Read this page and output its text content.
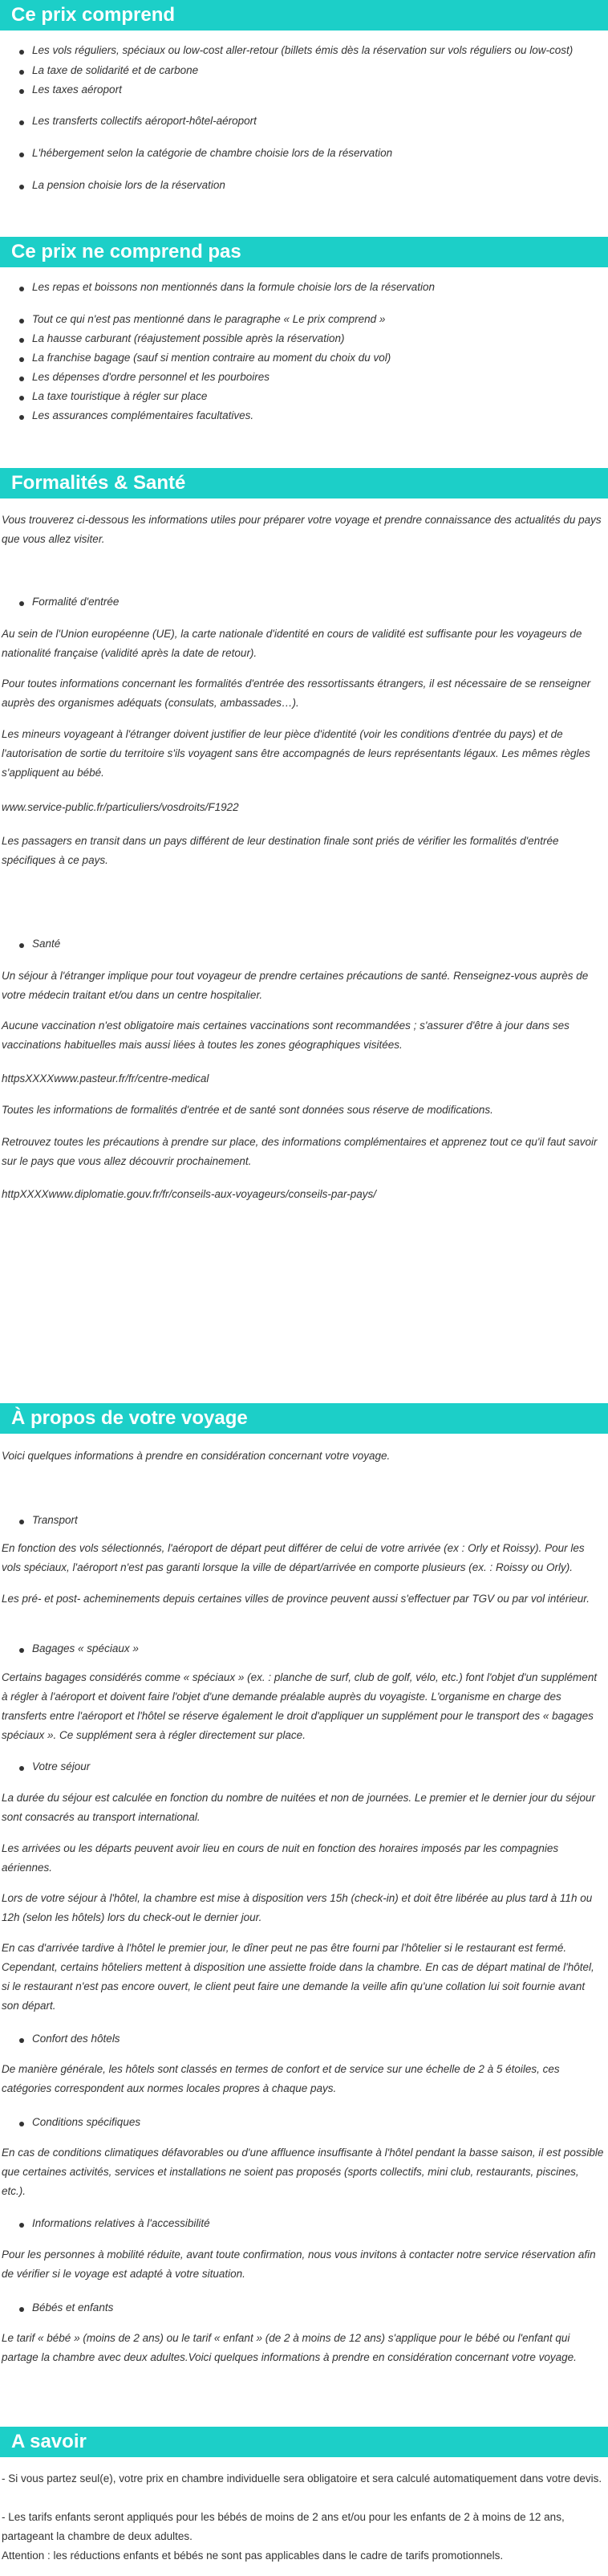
Ce prix comprend
Les vols réguliers, spéciaux ou low-cost aller-retour (billets émis dès la réservation sur vols réguliers ou low-cost)
La taxe de solidarité et de carbone
Les taxes aéroport
Les transferts collectifs aéroport-hôtel-aéroport
L'hébergement selon la catégorie de chambre choisie lors de la réservation
La pension choisie lors de la réservation
Ce prix ne comprend pas
Les repas et boissons non mentionnés dans la formule choisie lors de la réservation
Tout ce qui n'est pas mentionné dans le paragraphe « Le prix comprend »
La hausse carburant (réajustement possible après la réservation)
La franchise bagage (sauf si mention contraire au moment du choix du vol)
Les dépenses d'ordre personnel et les pourboires
La taxe touristique à régler sur place
Les assurances complémentaires facultatives.
Formalités & Santé

Vous trouverez ci-dessous les informations utiles pour préparer votre voyage et prendre connaissance des actualités du pays que vous allez visiter.

Formalité d'entrée

Au sein de l'Union européenne (UE), la carte nationale d'identité en cours de validité est suffisante pour les voyageurs de nationalité française (validité après la date de retour).

Pour toutes informations concernant les formalités d'entrée des ressortissants étrangers, il est nécessaire de se renseigner auprès des organismes adéquats (consulats, ambassades…).

Les mineurs voyageant à l'étranger doivent justifier de leur pièce d'identité (voir les conditions d'entrée du pays) et de l'autorisation de sortie du territoire s'ils voyagent sans être accompagnés de leurs représentants légaux. Les mêmes règles s'appliquent au bébé.

www.service-public.fr/particuliers/vosdroits/F1922

Les passagers en transit dans un pays différent de leur destination finale sont priés de vérifier les formalités d'entrée spécifiques à ce pays.

Santé

Un séjour à l'étranger implique pour tout voyageur de prendre certaines précautions de santé. Renseignez-vous auprès de votre médecin traitant et/ou dans un centre hospitalier.

Aucune vaccination n'est obligatoire mais certaines vaccinations sont recommandées ; s'assurer d'être à jour dans ses vaccinations habituelles mais aussi liées à toutes les zones géographiques visitées.

httpsXXXXwww.pasteur.fr/fr/centre-medical

Toutes les informations de formalités d'entrée et de santé sont données sous réserve de modifications.

Retrouvez toutes les précautions à prendre sur place, des informations complémentaires et apprenez tout ce qu'il faut savoir sur le pays que vous allez découvrir prochainement.

httpXXXXwww.diplomatie.gouv.fr/fr/conseils-aux-voyageurs/conseils-par-pays/
À propos de votre voyage

Voici quelques informations à prendre en considération concernant votre voyage.

Transport

En fonction des vols sélectionnés, l'aéroport de départ peut différer de celui de votre arrivée (ex : Orly et Roissy). Pour les vols spéciaux, l'aéroport n'est pas garanti lorsque la ville de départ/arrivée en comporte plusieurs (ex. : Roissy ou Orly).

Les pré- et post- acheminements depuis certaines villes de province peuvent aussi s'effectuer par TGV ou par vol intérieur.

Bagages « spéciaux »

Certains bagages considérés comme « spéciaux » (ex. : planche de surf, club de golf, vélo, etc.) font l'objet d'un supplément à régler à l'aéroport et doivent faire l'objet d'une demande préalable auprès du voyagiste. L'organisme en charge des transferts entre l'aéroport et l'hôtel se réserve également le droit d'appliquer un supplément pour le transport des « bagages spéciaux ». Ce supplément sera à régler directement sur place.

Votre séjour

La durée du séjour est calculée en fonction du nombre de nuitées et non de journées. Le premier et le dernier jour du séjour sont consacrés au transport international.

Les arrivées ou les départs peuvent avoir lieu en cours de nuit en fonction des horaires imposés par les compagnies aériennes.

Lors de votre séjour à l'hôtel, la chambre est mise à disposition vers 15h (check-in) et doit être libérée au plus tard à 11h ou 12h (selon les hôtels) lors du check-out le dernier jour.

En cas d'arrivée tardive à l'hôtel le premier jour, le dîner peut ne pas être fourni par l'hôtelier si le restaurant est fermé. Cependant, certains hôteliers mettent à disposition une assiette froide dans la chambre. En cas de départ matinal de l'hôtel, si le restaurant n'est pas encore ouvert, le client peut faire une demande la veille afin qu'une collation lui soit fournie avant son départ.

Confort des hôtels

De manière générale, les hôtels sont classés en termes de confort et de service sur une échelle de 2 à 5 étoiles, ces catégories correspondent aux normes locales propres à chaque pays.

Conditions spécifiques

En cas de conditions climatiques défavorables ou d'une affluence insuffisante à l'hôtel pendant la basse saison, il est possible que certaines activités, services et installations ne soient pas proposés (sports collectifs, mini club, restaurants, piscines, etc.).

Informations relatives à l'accessibilité

Pour les personnes à mobilité réduite, avant toute confirmation, nous vous invitons à contacter notre service réservation afin de vérifier si le voyage est adapté à votre situation.

Bébés et enfants

Le tarif « bébé » (moins de 2 ans) ou le tarif « enfant » (de 2 à moins de 12 ans) s'applique pour le bébé ou l'enfant qui partage la chambre avec deux adultes.Voici quelques informations à prendre en considération concernant votre voyage.

A savoir

- Si vous partez seul(e), votre prix en chambre individuelle sera obligatoire et sera calculé automatiquement dans votre devis.

- Les tarifs enfants seront appliqués pour les bébés de moins de 2 ans et/ou pour les enfants de 2 à moins de 12 ans, partageant la chambre de deux adultes.

Attention : les réductions enfants et bébés ne sont pas applicables dans le cadre de tarifs promotionnels.
